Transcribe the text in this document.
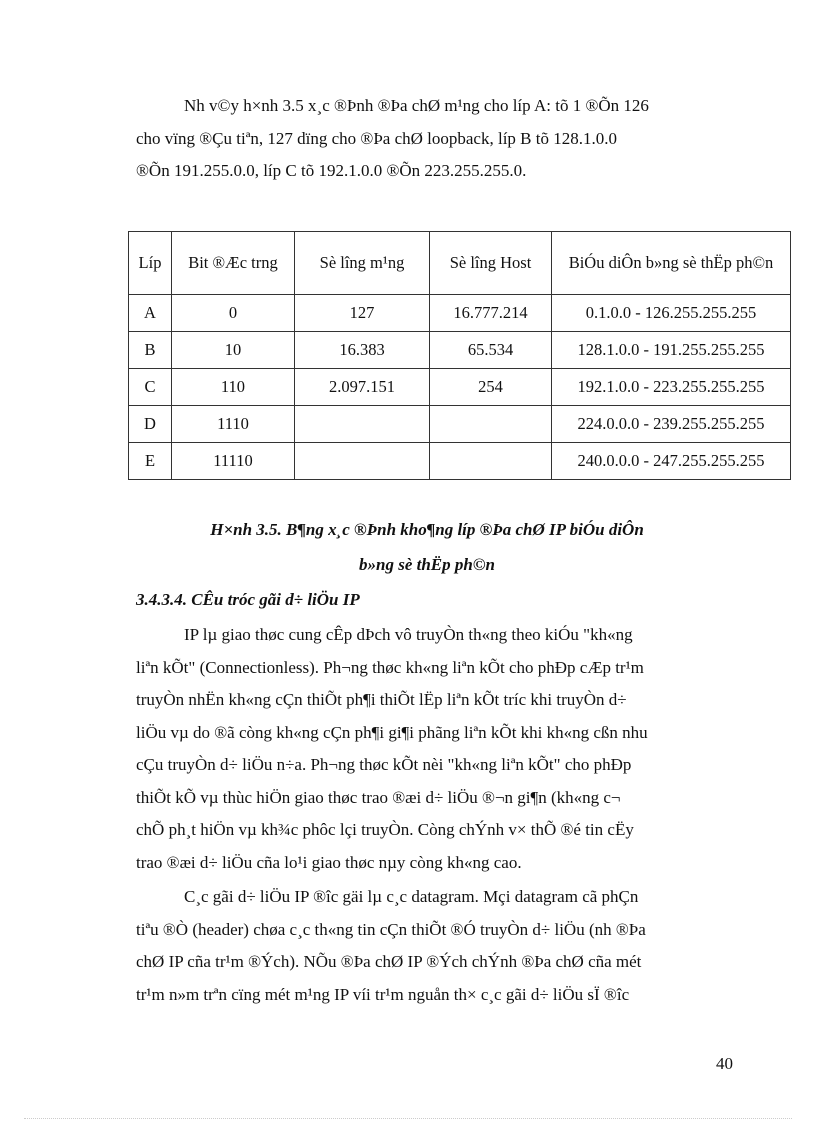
Nh v©y h×nh 3.5 x¸c ®Þnh ®Þa chØ m¹ng cho líp A: tõ 1 ®Õn 126
cho vïng ®Çu tiªn, 127 dïng cho ®Þa chØ loopback, líp B tõ 128.1.0.0
®Õn 191.255.0.0, líp C tõ 192.1.0.0 ®Õn 223.255.255.0.

Líp	Bit ®Æc trng	Sè lîng m¹ng	Sè lîng Host	BiÓu diÔn b»ng sè thËp ph©n
A	0	127	16.777.214	0.1.0.0 - 126.255.255.255
B	10	16.383	65.534	128.1.0.0 - 191.255.255.255
C	110	2.097.151	254	192.1.0.0 - 223.255.255.255
D	1110			224.0.0.0 - 239.255.255.255
E	11110			240.0.0.0 - 247.255.255.255
H×nh 3.5. B¶ng x¸c ®Þnh kho¶ng líp ®Þa chØ IP biÓu diÔn
b»ng sè thËp ph©n
3.4.3.4. CÊu tróc gãi d÷ liÖu IP

IP lµ giao thøc cung cÊp dÞch vô truyÒn th«ng theo kiÓu "kh«ng
liªn kÕt" (Connectionless). Ph¬ng thøc kh«ng liªn kÕt cho phÐp cÆp tr¹m
truyÒn nhËn kh«ng cÇn thiÕt ph¶i thiÕt lËp liªn kÕt tríc khi truyÒn d÷
liÖu vµ do ®ã còng kh«ng cÇn ph¶i gi¶i phãng liªn kÕt khi kh«ng cßn nhu
cÇu truyÒn d÷ liÖu n÷a. Ph¬ng thøc kÕt nèi "kh«ng liªn kÕt" cho phÐp
thiÕt kÕ vµ thùc hiÖn giao thøc trao ®æi d÷ liÖu ®¬n gi¶n (kh«ng c¬
chÕ ph¸t hiÖn vµ kh¾c phôc lçi truyÒn. Còng chÝnh v× thÕ ®é tin cËy
trao ®æi d÷ liÖu cña lo¹i giao thøc nµy còng kh«ng cao.

C¸c gãi d÷ liÖu IP ®îc gäi lµ c¸c datagram. Mçi datagram cã phÇn
tiªu ®Ò (header) chøa c¸c th«ng tin cÇn thiÕt ®Ó truyÒn d÷ liÖu (nh ®Þa
chØ IP cña tr¹m ®Ých). NÕu ®Þa chØ IP ®Ých chÝnh ®Þa chØ cña mét
tr¹m n»m trªn cïng mét m¹ng IP víi tr¹m nguån th× c¸c gãi d÷ liÖu sÏ ®îc

40
